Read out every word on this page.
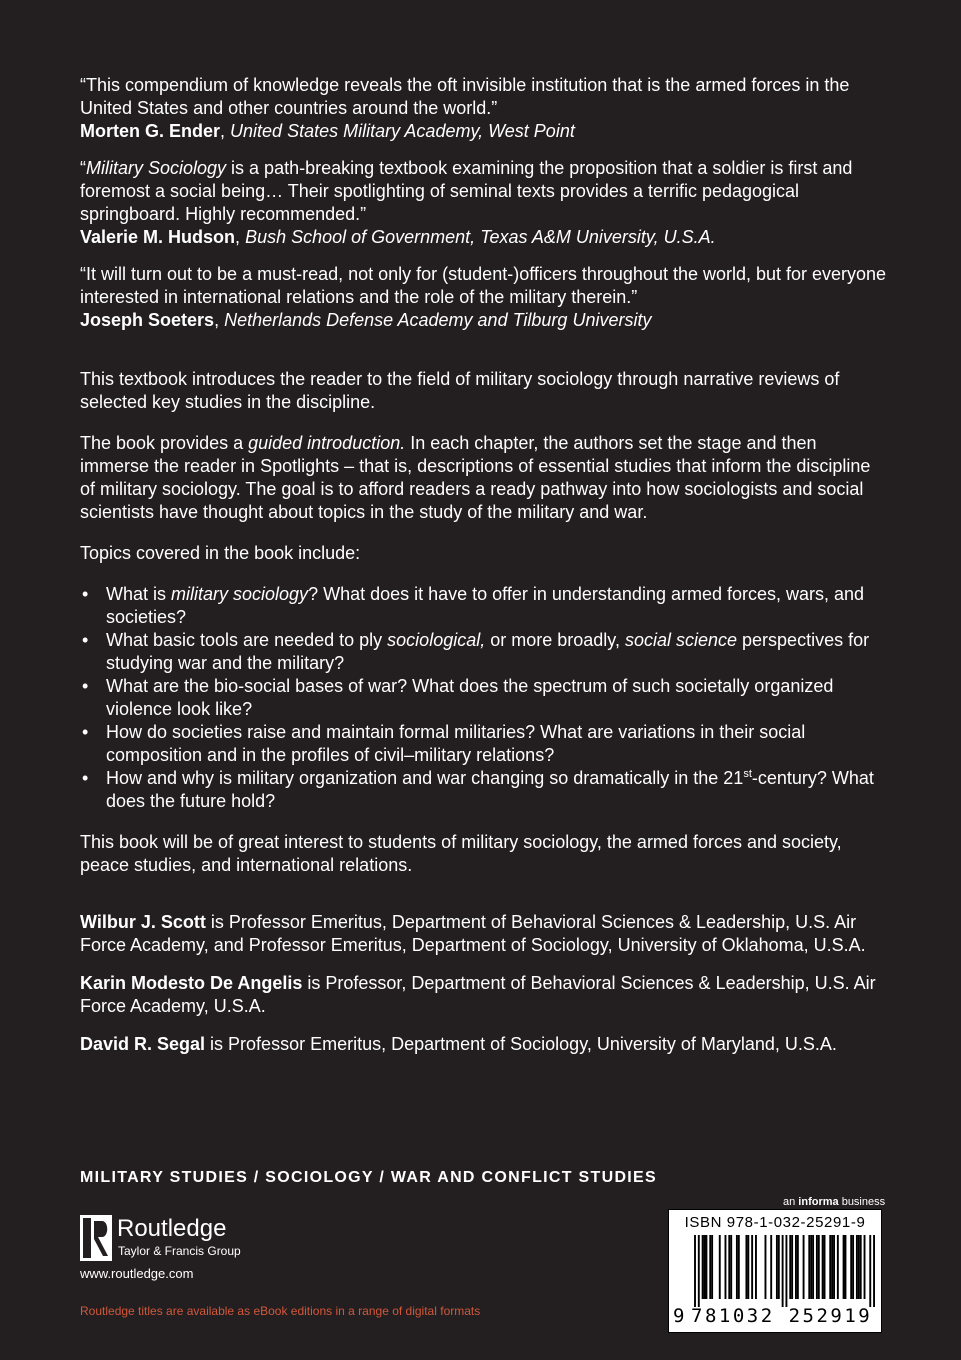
“This compendium of knowledge reveals the oft invisible institution that is the armed forces in the United States and other countries around the world.”

Morten G. Ender, United States Military Academy, West Point

“Military Sociology is a path-breaking textbook examining the proposition that a soldier is first and foremost a social being… Their spotlighting of seminal texts provides a terrific pedagogical springboard. Highly recommended.”

Valerie M. Hudson, Bush School of Government, Texas A&M University, U.S.A.

“It will turn out to be a must-read, not only for (student-)officers throughout the world, but for everyone interested in international relations and the role of the military therein.”

Joseph Soeters, Netherlands Defense Academy and Tilburg University

This textbook introduces the reader to the field of military sociology through narrative reviews of selected key studies in the discipline.

The book provides a guided introduction. In each chapter, the authors set the stage and then immerse the reader in Spotlights – that is, descriptions of essential studies that inform the discipline of military sociology. The goal is to afford readers a ready pathway into how sociologists and social scientists have thought about topics in the study of the military and war.

Topics covered in the book include:

• What is military sociology? What does it have to offer in understanding armed forces, wars, and societies?
• What basic tools are needed to ply sociological, or more broadly, social science perspectives for studying war and the military?
• What are the bio-social bases of war? What does the spectrum of such societally organized violence look like?
• How do societies raise and maintain formal militaries? What are variations in their social composition and in the profiles of civil–military relations?
• How and why is military organization and war changing so dramatically in the 21st-century? What does the future hold?

This book will be of great interest to students of military sociology, the armed forces and society, peace studies, and international relations.

Wilbur J. Scott is Professor Emeritus, Department of Behavioral Sciences & Leadership, U.S. Air Force Academy, and Professor Emeritus, Department of Sociology, University of Oklahoma, U.S.A.

Karin Modesto De Angelis is Professor, Department of Behavioral Sciences & Leadership, U.S. Air Force Academy, U.S.A.

David R. Segal is Professor Emeritus, Department of Sociology, University of Maryland, U.S.A.

MILITARY STUDIES / SOCIOLOGY / WAR AND CONFLICT STUDIES
Routledge
Taylor & Francis Group
www.routledge.com
Routledge titles are available as eBook editions in a range of digital formats
an informa business
ISBN 978-1-032-25291-9
9 781032 252919
